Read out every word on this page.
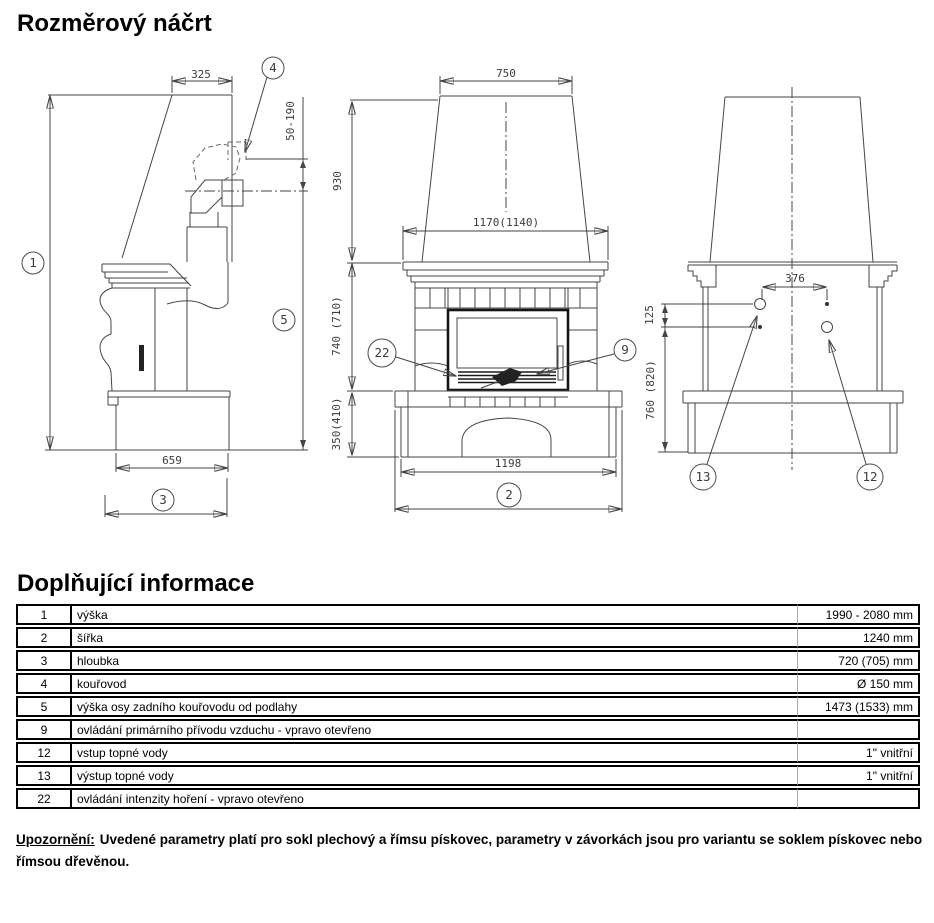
Rozměrový náčrt
325
50-190
659
1
3
4
5
750
930
1170(1140)
740 (710)
350(410)
1198
22	9
2
376
125
760 (820)
13	12
Doplňující informace
1	výška	1990 - 2080 mm
2	šířka	1240 mm
3	hloubka	720 (705) mm
4	kouřovod	Ø 150 mm
5	výška osy zadního kouřovodu od podlahy	1473 (1533) mm
9	ovládání primárního přívodu vzduchu - vpravo otevřeno	
12	vstup topné vody	1" vnitřní
13	výstup topné vody	1" vnitřní
22	ovládání intenzity hoření - vpravo otevřeno	

Upozornění: Uvedené parametry platí pro sokl plechový a římsu pískovec, parametry v závorkách jsou pro variantu se soklem pískovec nebo římsou dřevěnou.
